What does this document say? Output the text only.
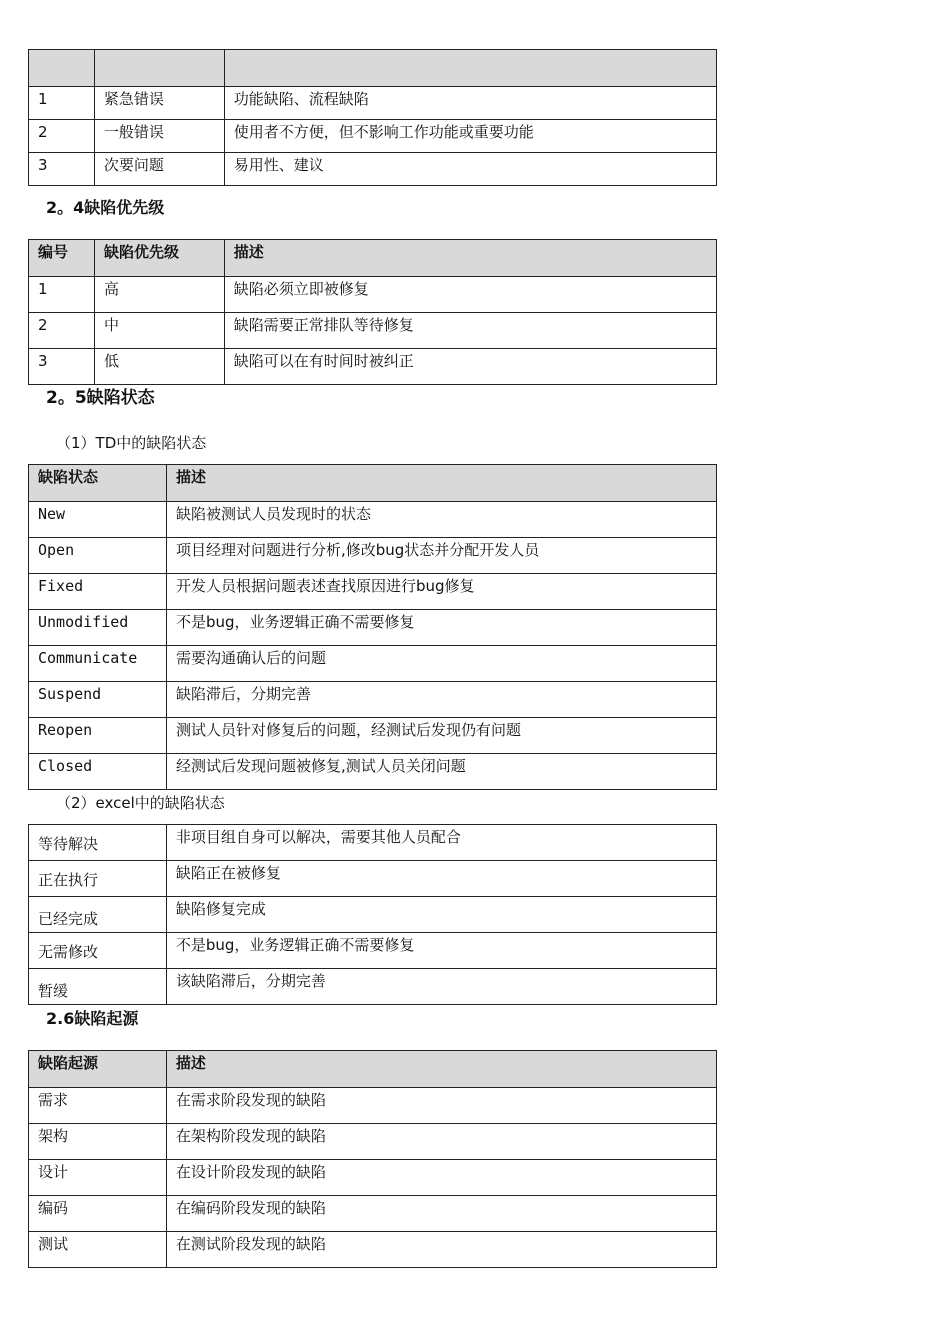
1	紧急错误	功能缺陷、流程缺陷
2	一般错误	使用者不方便，但不影响工作功能或重要功能
3	次要问题	易用性、建议
2。4缺陷优先级
编号	缺陷优先级	描述
1	高	缺陷必须立即被修复
2	中	缺陷需要正常排队等待修复
3	低	缺陷可以在有时间时被纠正
2。5缺陷状态
（1）TD中的缺陷状态
缺陷状态	描述
New	缺陷被测试人员发现时的状态
Open	项目经理对问题进行分析,修改bug状态并分配开发人员
Fixed	开发人员根据问题表述查找原因进行bug修复
Unmodified	不是bug，业务逻辑正确不需要修复
Communicate	需要沟通确认后的问题
Suspend	缺陷滞后，分期完善
Reopen	测试人员针对修复后的问题，经测试后发现仍有问题
Closed	经测试后发现问题被修复,测试人员关闭问题
（2）excel中的缺陷状态
等待解决	非项目组自身可以解决，需要其他人员配合
正在执行	缺陷正在被修复
已经完成	缺陷修复完成
无需修改	不是bug，业务逻辑正确不需要修复
暂缓	该缺陷滞后，分期完善
2.6缺陷起源
缺陷起源	描述
需求	在需求阶段发现的缺陷
架构	在架构阶段发现的缺陷
设计	在设计阶段发现的缺陷
编码	在编码阶段发现的缺陷
测试	在测试阶段发现的缺陷
